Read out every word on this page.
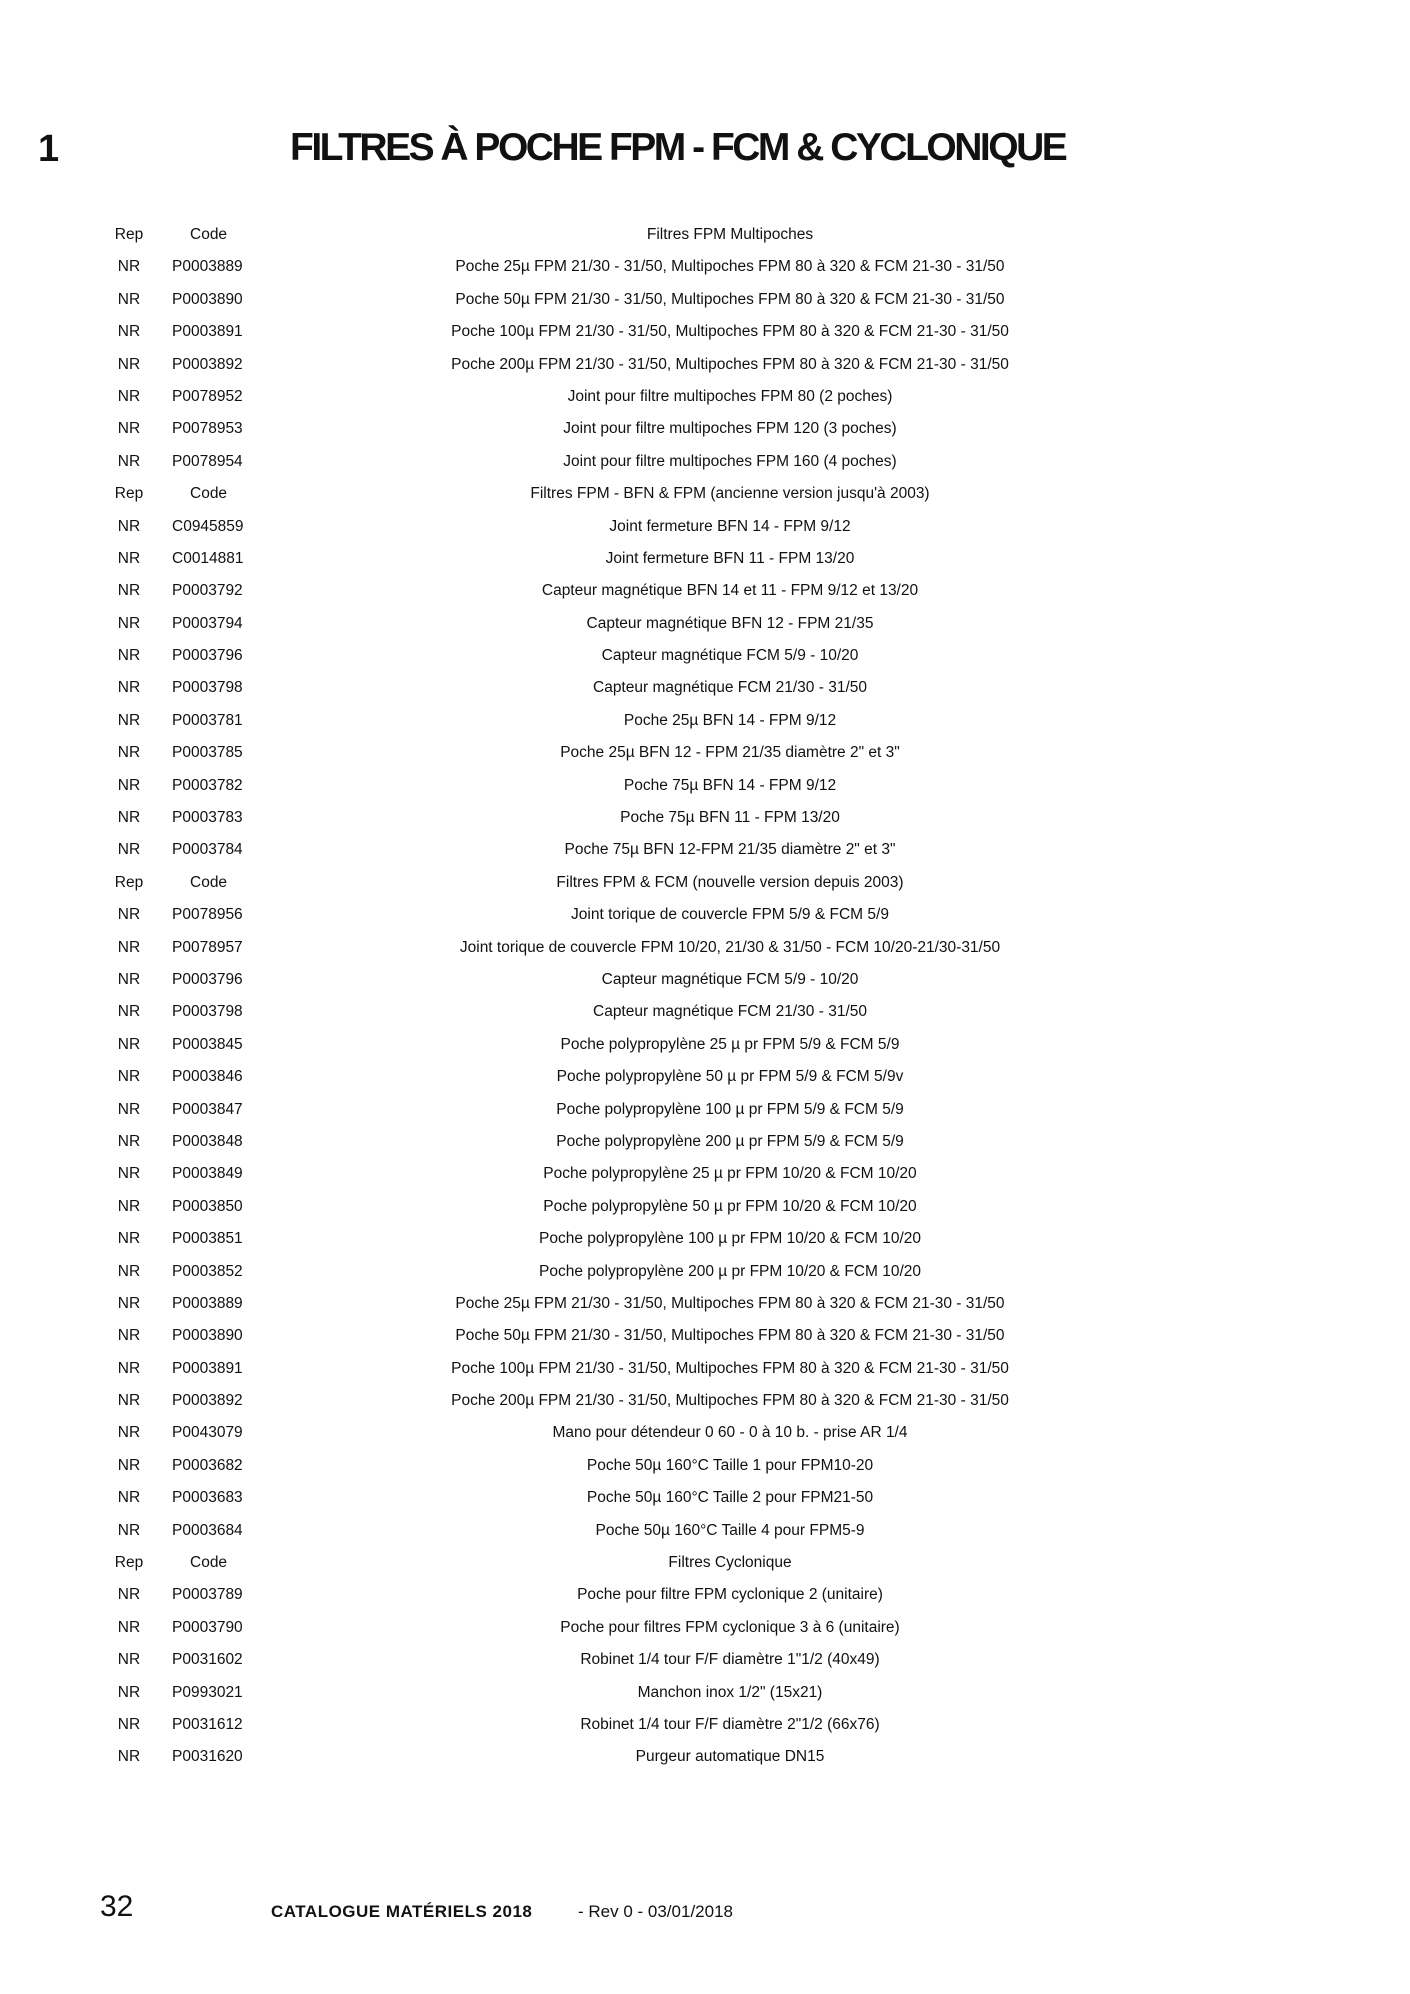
1	FILTRES À POCHE FPM - FCM & CYCLONIQUE
Rep	Code	Filtres FPM Multipoches
NR	P0003889	Poche 25µ FPM 21/30 - 31/50, Multipoches FPM 80 à 320 & FCM 21-30 - 31/50
NR	P0003890	Poche 50µ FPM 21/30 - 31/50, Multipoches FPM 80 à 320 & FCM 21-30 - 31/50
NR	P0003891	Poche 100µ FPM 21/30 - 31/50, Multipoches FPM 80 à 320 & FCM 21-30 - 31/50
NR	P0003892	Poche 200µ FPM 21/30 - 31/50, Multipoches FPM 80 à 320 & FCM 21-30 - 31/50
NR	P0078952	Joint pour filtre multipoches FPM 80 (2 poches)
NR	P0078953	Joint pour filtre multipoches FPM 120 (3 poches)
NR	P0078954	Joint pour filtre multipoches FPM 160 (4 poches)
Rep	Code	Filtres FPM - BFN & FPM (ancienne version jusqu'à 2003)
NR	C0945859	Joint fermeture BFN 14 - FPM 9/12
NR	C0014881	Joint fermeture BFN 11 - FPM 13/20
NR	P0003792	Capteur magnétique BFN 14 et 11 - FPM 9/12 et 13/20
NR	P0003794	Capteur magnétique BFN 12 - FPM 21/35
NR	P0003796	Capteur magnétique FCM 5/9 - 10/20
NR	P0003798	Capteur magnétique FCM 21/30 - 31/50
NR	P0003781	Poche 25µ BFN 14 - FPM 9/12
NR	P0003785	Poche 25µ BFN 12 - FPM 21/35 diamètre 2" et 3"
NR	P0003782	Poche 75µ BFN 14 - FPM 9/12
NR	P0003783	Poche 75µ BFN 11 - FPM 13/20
NR	P0003784	Poche 75µ BFN 12-FPM 21/35 diamètre 2" et 3"
Rep	Code	Filtres FPM & FCM (nouvelle version depuis 2003)
NR	P0078956	Joint torique de couvercle FPM 5/9 & FCM 5/9
NR	P0078957	Joint torique de couvercle FPM 10/20, 21/30 & 31/50 - FCM 10/20-21/30-31/50
NR	P0003796	Capteur magnétique FCM 5/9 - 10/20
NR	P0003798	Capteur magnétique FCM 21/30 - 31/50
NR	P0003845	Poche polypropylène 25 µ pr FPM 5/9 & FCM 5/9
NR	P0003846	Poche polypropylène 50 µ pr FPM 5/9 & FCM 5/9v
NR	P0003847	Poche polypropylène 100 µ pr FPM 5/9 & FCM 5/9
NR	P0003848	Poche polypropylène 200 µ pr FPM 5/9 & FCM 5/9
NR	P0003849	Poche polypropylène 25 µ pr FPM 10/20 & FCM 10/20
NR	P0003850	Poche polypropylène 50 µ pr FPM 10/20 & FCM 10/20
NR	P0003851	Poche polypropylène 100 µ pr FPM 10/20 & FCM 10/20
NR	P0003852	Poche polypropylène 200 µ pr FPM 10/20 & FCM 10/20
NR	P0003889	Poche 25µ FPM 21/30 - 31/50, Multipoches FPM 80 à 320 & FCM 21-30 - 31/50
NR	P0003890	Poche 50µ FPM 21/30 - 31/50, Multipoches FPM 80 à 320 & FCM 21-30 - 31/50
NR	P0003891	Poche 100µ FPM 21/30 - 31/50, Multipoches FPM 80 à 320 & FCM 21-30 - 31/50
NR	P0003892	Poche 200µ FPM 21/30 - 31/50, Multipoches FPM 80 à 320 & FCM 21-30 - 31/50
NR	P0043079	Mano pour détendeur 0 60 - 0 à 10 b. - prise AR 1/4
NR	P0003682	Poche 50µ 160°C Taille 1 pour FPM10-20
NR	P0003683	Poche 50µ 160°C Taille 2 pour FPM21-50
NR	P0003684	Poche 50µ 160°C Taille 4 pour FPM5-9
Rep	Code	Filtres Cyclonique
NR	P0003789	Poche pour filtre FPM cyclonique 2 (unitaire)
NR	P0003790	Poche pour filtres FPM cyclonique 3 à 6 (unitaire)
NR	P0031602	Robinet 1/4 tour F/F diamètre 1"1/2 (40x49)
NR	P0993021	Manchon inox 1/2" (15x21)
NR	P0031612	Robinet 1/4 tour F/F diamètre 2"1/2 (66x76)
NR	P0031620	Purgeur automatique DN15
32	CATALOGUE MATÉRIELS 2018	- Rev 0 - 03/01/2018
